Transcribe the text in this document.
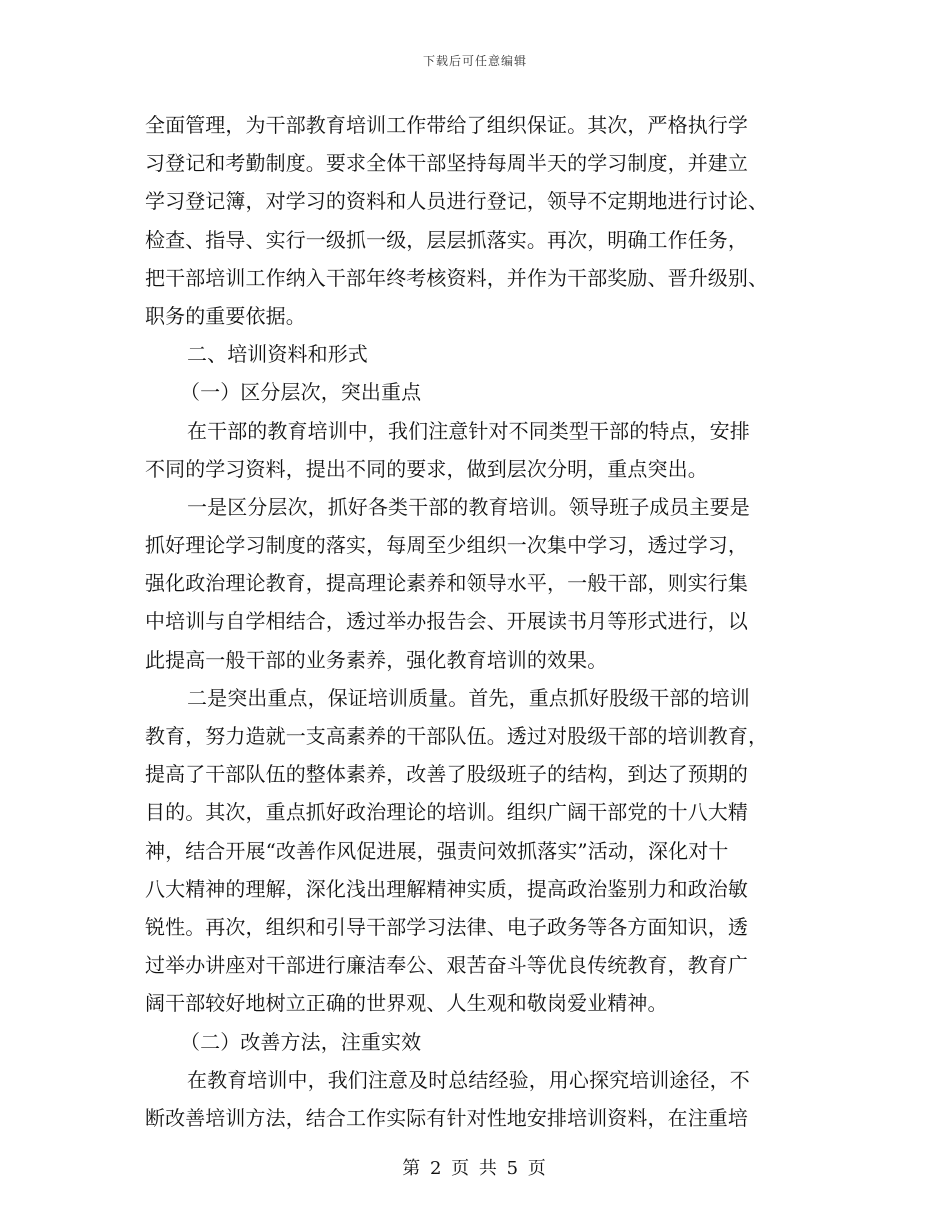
下载后可任意编辑
全面管理，为干部教育培训工作带给了组织保证。其次，严格执行学
习登记和考勤制度。要求全体干部坚持每周半天的学习制度，并建立
学习登记簿，对学习的资料和人员进行登记，领导不定期地进行讨论、
检查、指导、实行一级抓一级，层层抓落实。再次，明确工作任务，
把干部培训工作纳入干部年终考核资料，并作为干部奖励、晋升级别、
职务的重要依据。
二、培训资料和形式
（一）区分层次，突出重点
在干部的教育培训中，我们注意针对不同类型干部的特点，安排
不同的学习资料，提出不同的要求，做到层次分明，重点突出。
一是区分层次，抓好各类干部的教育培训。领导班子成员主要是
抓好理论学习制度的落实，每周至少组织一次集中学习，透过学习，
强化政治理论教育，提高理论素养和领导水平，一般干部，则实行集
中培训与自学相结合，透过举办报告会、开展读书月等形式进行，以
此提高一般干部的业务素养，强化教育培训的效果。
二是突出重点，保证培训质量。首先，重点抓好股级干部的培训
教育，努力造就一支高素养的干部队伍。透过对股级干部的培训教育，
提高了干部队伍的整体素养，改善了股级班子的结构，到达了预期的
目的。其次，重点抓好政治理论的培训。组织广阔干部党的十八大精
神，结合开展“改善作风促进展，强责问效抓落实”活动，深化对十
八大精神的理解，深化浅出理解精神实质，提高政治鉴别力和政治敏
锐性。再次，组织和引导干部学习法律、电子政务等各方面知识，透
过举办讲座对干部进行廉洁奉公、艰苦奋斗等优良传统教育，教育广
阔干部较好地树立正确的世界观、人生观和敬岗爱业精神。
（二）改善方法，注重实效
在教育培训中，我们注意及时总结经验，用心探究培训途径，不
断改善培训方法，结合工作实际有针对性地安排培训资料，在注重培
第 2 页 共 5 页
